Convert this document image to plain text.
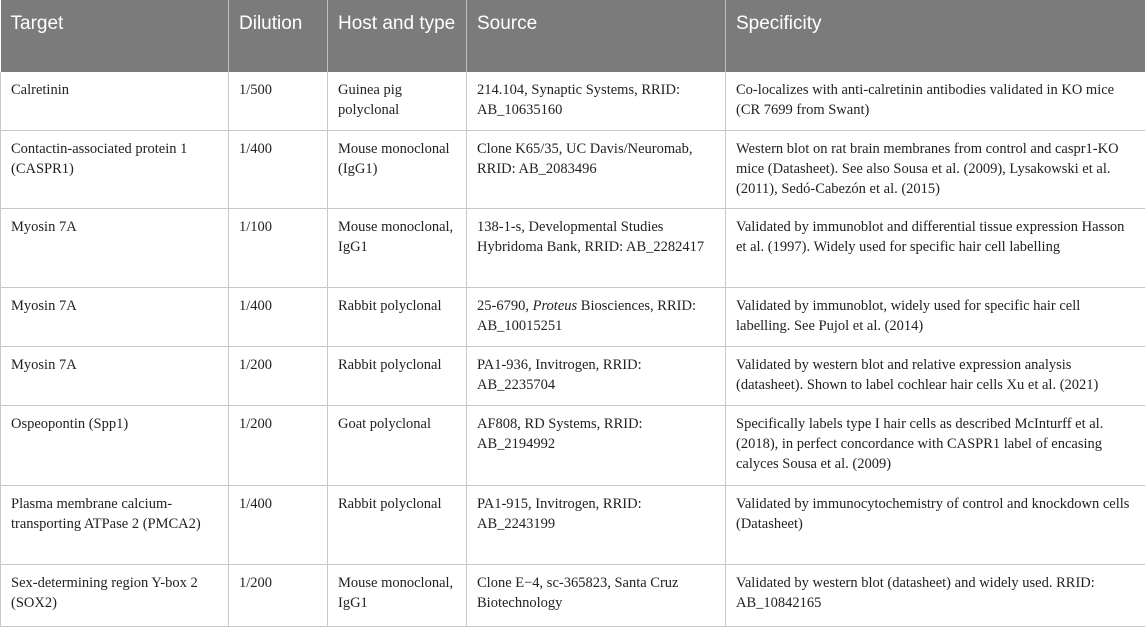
Target	Dilution	Host and type	Source	Specificity
Calretinin	1/500	Guinea pig polyclonal	214.104, Synaptic Systems, RRID: AB_10635160	Co-localizes with anti-calretinin antibodies validated in KO mice (CR 7699 from Swant)
Contactin-associated protein 1 (CASPR1)	1/400	Mouse monoclonal (IgG1)	Clone K65/35, UC Davis/Neuromab, RRID: AB_2083496	Western blot on rat brain membranes from control and caspr1-KO mice (Datasheet). See also Sousa et al. (2009), Lysakowski et al. (2011), Sedó-Cabezón et al. (2015)
Myosin 7A	1/100	Mouse monoclonal, IgG1	138-1-s, Developmental Studies Hybridoma Bank, RRID: AB_2282417	Validated by immunoblot and differential tissue expression Hasson et al. (1997). Widely used for specific hair cell labelling
Myosin 7A	1/400	Rabbit polyclonal	25-6790, Proteus Biosciences, RRID: AB_10015251	Validated by immunoblot, widely used for specific hair cell labelling. See Pujol et al. (2014)
Myosin 7A	1/200	Rabbit polyclonal	PA1-936, Invitrogen, RRID: AB_2235704	Validated by western blot and relative expression analysis (datasheet). Shown to label cochlear hair cells Xu et al. (2021)
Ospeopontin (Spp1)	1/200	Goat polyclonal	AF808, RD Systems, RRID: AB_2194992	Specifically labels type I hair cells as described McInturff et al. (2018), in perfect concordance with CASPR1 label of encasing calyces Sousa et al. (2009)
Plasma membrane calcium-transporting ATPase 2 (PMCA2)	1/400	Rabbit polyclonal	PA1-915, Invitrogen, RRID: AB_2243199	Validated by immunocytochemistry of control and knockdown cells (Datasheet)
Sex-determining region Y-box 2 (SOX2)	1/200	Mouse monoclonal, IgG1	Clone E−4, sc-365823, Santa Cruz Biotechnology	Validated by western blot (datasheet) and widely used. RRID: AB_10842165
